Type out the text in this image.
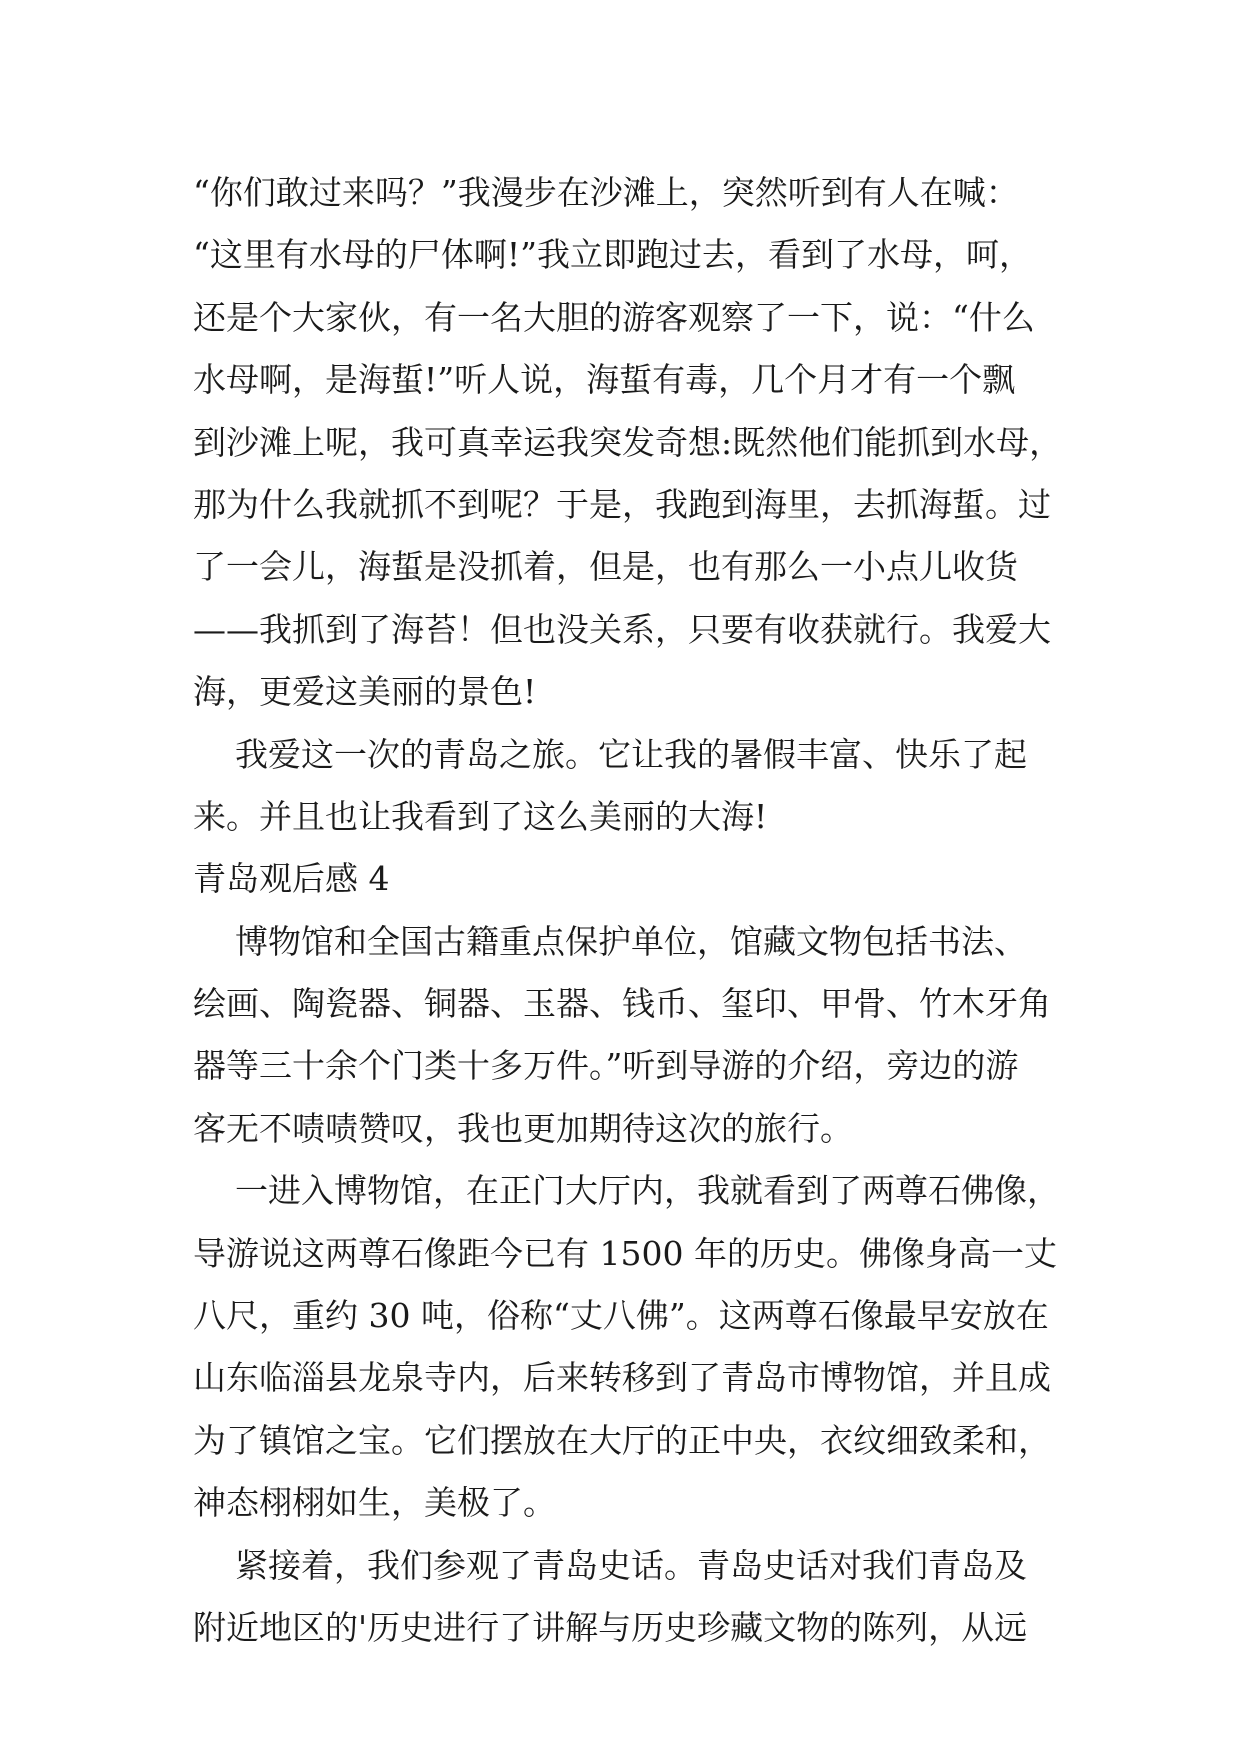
“你们敢过来吗？”我漫步在沙滩上，突然听到有人在喊：
“这里有水母的尸体啊!”我立即跑过去，看到了水母，呵，
还是个大家伙，有一名大胆的游客观察了一下，说：“什么
水母啊，是海蜇!”听人说，海蜇有毒，几个月才有一个飘
到沙滩上呢，我可真幸运我突发奇想:既然他们能抓到水母，
那为什么我就抓不到呢？于是，我跑到海里，去抓海蜇。过
了一会儿，海蜇是没抓着，但是，也有那么一小点儿收货
——我抓到了海苔！但也没关系，只要有收获就行。我爱大
海，更爱这美丽的景色!
我爱这一次的青岛之旅。它让我的暑假丰富、快乐了起
来。并且也让我看到了这么美丽的大海!
青岛观后感 4
博物馆和全国古籍重点保护单位，馆藏文物包括书法、
绘画、陶瓷器、铜器、玉器、钱币、玺印、甲骨、竹木牙角
器等三十余个门类十多万件。”听到导游的介绍，旁边的游
客无不啧啧赞叹，我也更加期待这次的旅行。
一进入博物馆，在正门大厅内，我就看到了两尊石佛像，
导游说这两尊石像距今已有 1500 年的历史。佛像身高一丈
八尺，重约 30 吨，俗称“丈八佛”。这两尊石像最早安放在
山东临淄县龙泉寺内，后来转移到了青岛市博物馆，并且成
为了镇馆之宝。它们摆放在大厅的正中央，衣纹细致柔和，
神态栩栩如生，美极了。
紧接着，我们参观了青岛史话。青岛史话对我们青岛及
附近地区的'历史进行了讲解与历史珍藏文物的陈列，从远
